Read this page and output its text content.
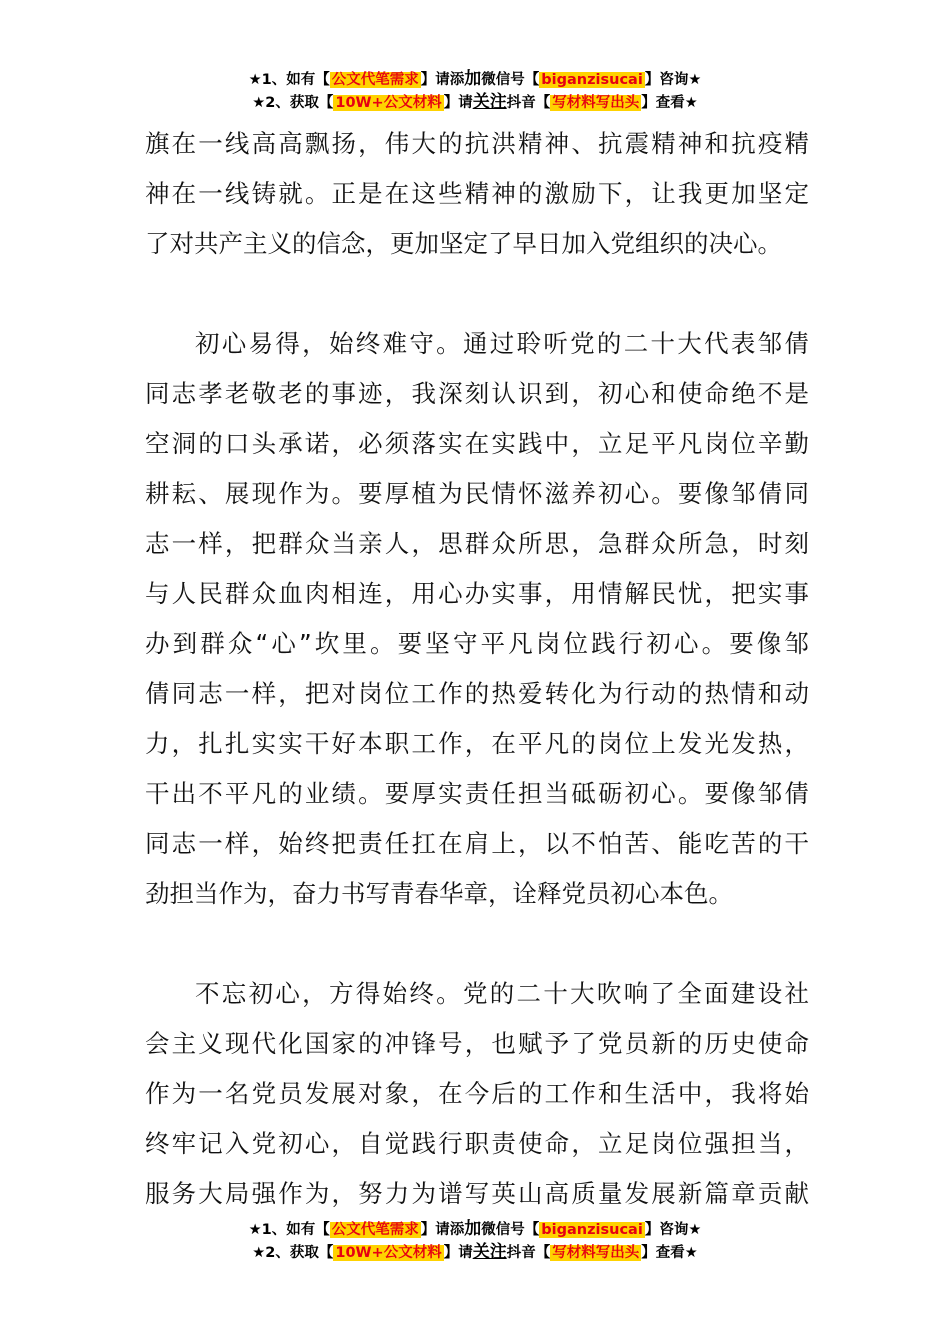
★1、如有【 公文代笔需求 】请添加微信号【 biganzisucai 】咨询★
★2、获取【 10W+公文材料 】请关注抖音【 写材料写出头 】查看★
旗在一线高高飘扬，伟大的抗洪精神、抗震精神和抗疫精
神在一线铸就。正是在这些精神的激励下，让我更加坚定
了对共产主义的信念，更加坚定了早日加入党组织的决心。
初心易得，始终难守。通过聆听党的二十大代表邹倩
同志孝老敬老的事迹，我深刻认识到，初心和使命绝不是
空洞的口头承诺，必须落实在实践中，立足平凡岗位辛勤
耕耘、展现作为。要厚植为民情怀滋养初心。要像邹倩同
志一样，把群众当亲人，思群众所思，急群众所急，时刻
与人民群众血肉相连，用心办实事，用情解民忧，把实事
办到群众“心”坎里。要坚守平凡岗位践行初心。要像邹
倩同志一样，把对岗位工作的热爱转化为行动的热情和动
力，扎扎实实干好本职工作，在平凡的岗位上发光发热，
干出不平凡的业绩。要厚实责任担当砥砺初心。要像邹倩
同志一样，始终把责任扛在肩上，以不怕苦、能吃苦的干
劲担当作为，奋力书写青春华章，诠释党员初心本色。
不忘初心，方得始终。党的二十大吹响了全面建设社
会主义现代化国家的冲锋号，也赋予了党员新的历史使命
作为一名党员发展对象，在今后的工作和生活中，我将始
终牢记入党初心，自觉践行职责使命，立足岗位强担当，
服务大局强作为，努力为谱写英山高质量发展新篇章贡献
★1、如有【 公文代笔需求 】请添加微信号【 biganzisucai 】咨询★
★2、获取【 10W+公文材料 】请关注抖音【 写材料写出头 】查看★
